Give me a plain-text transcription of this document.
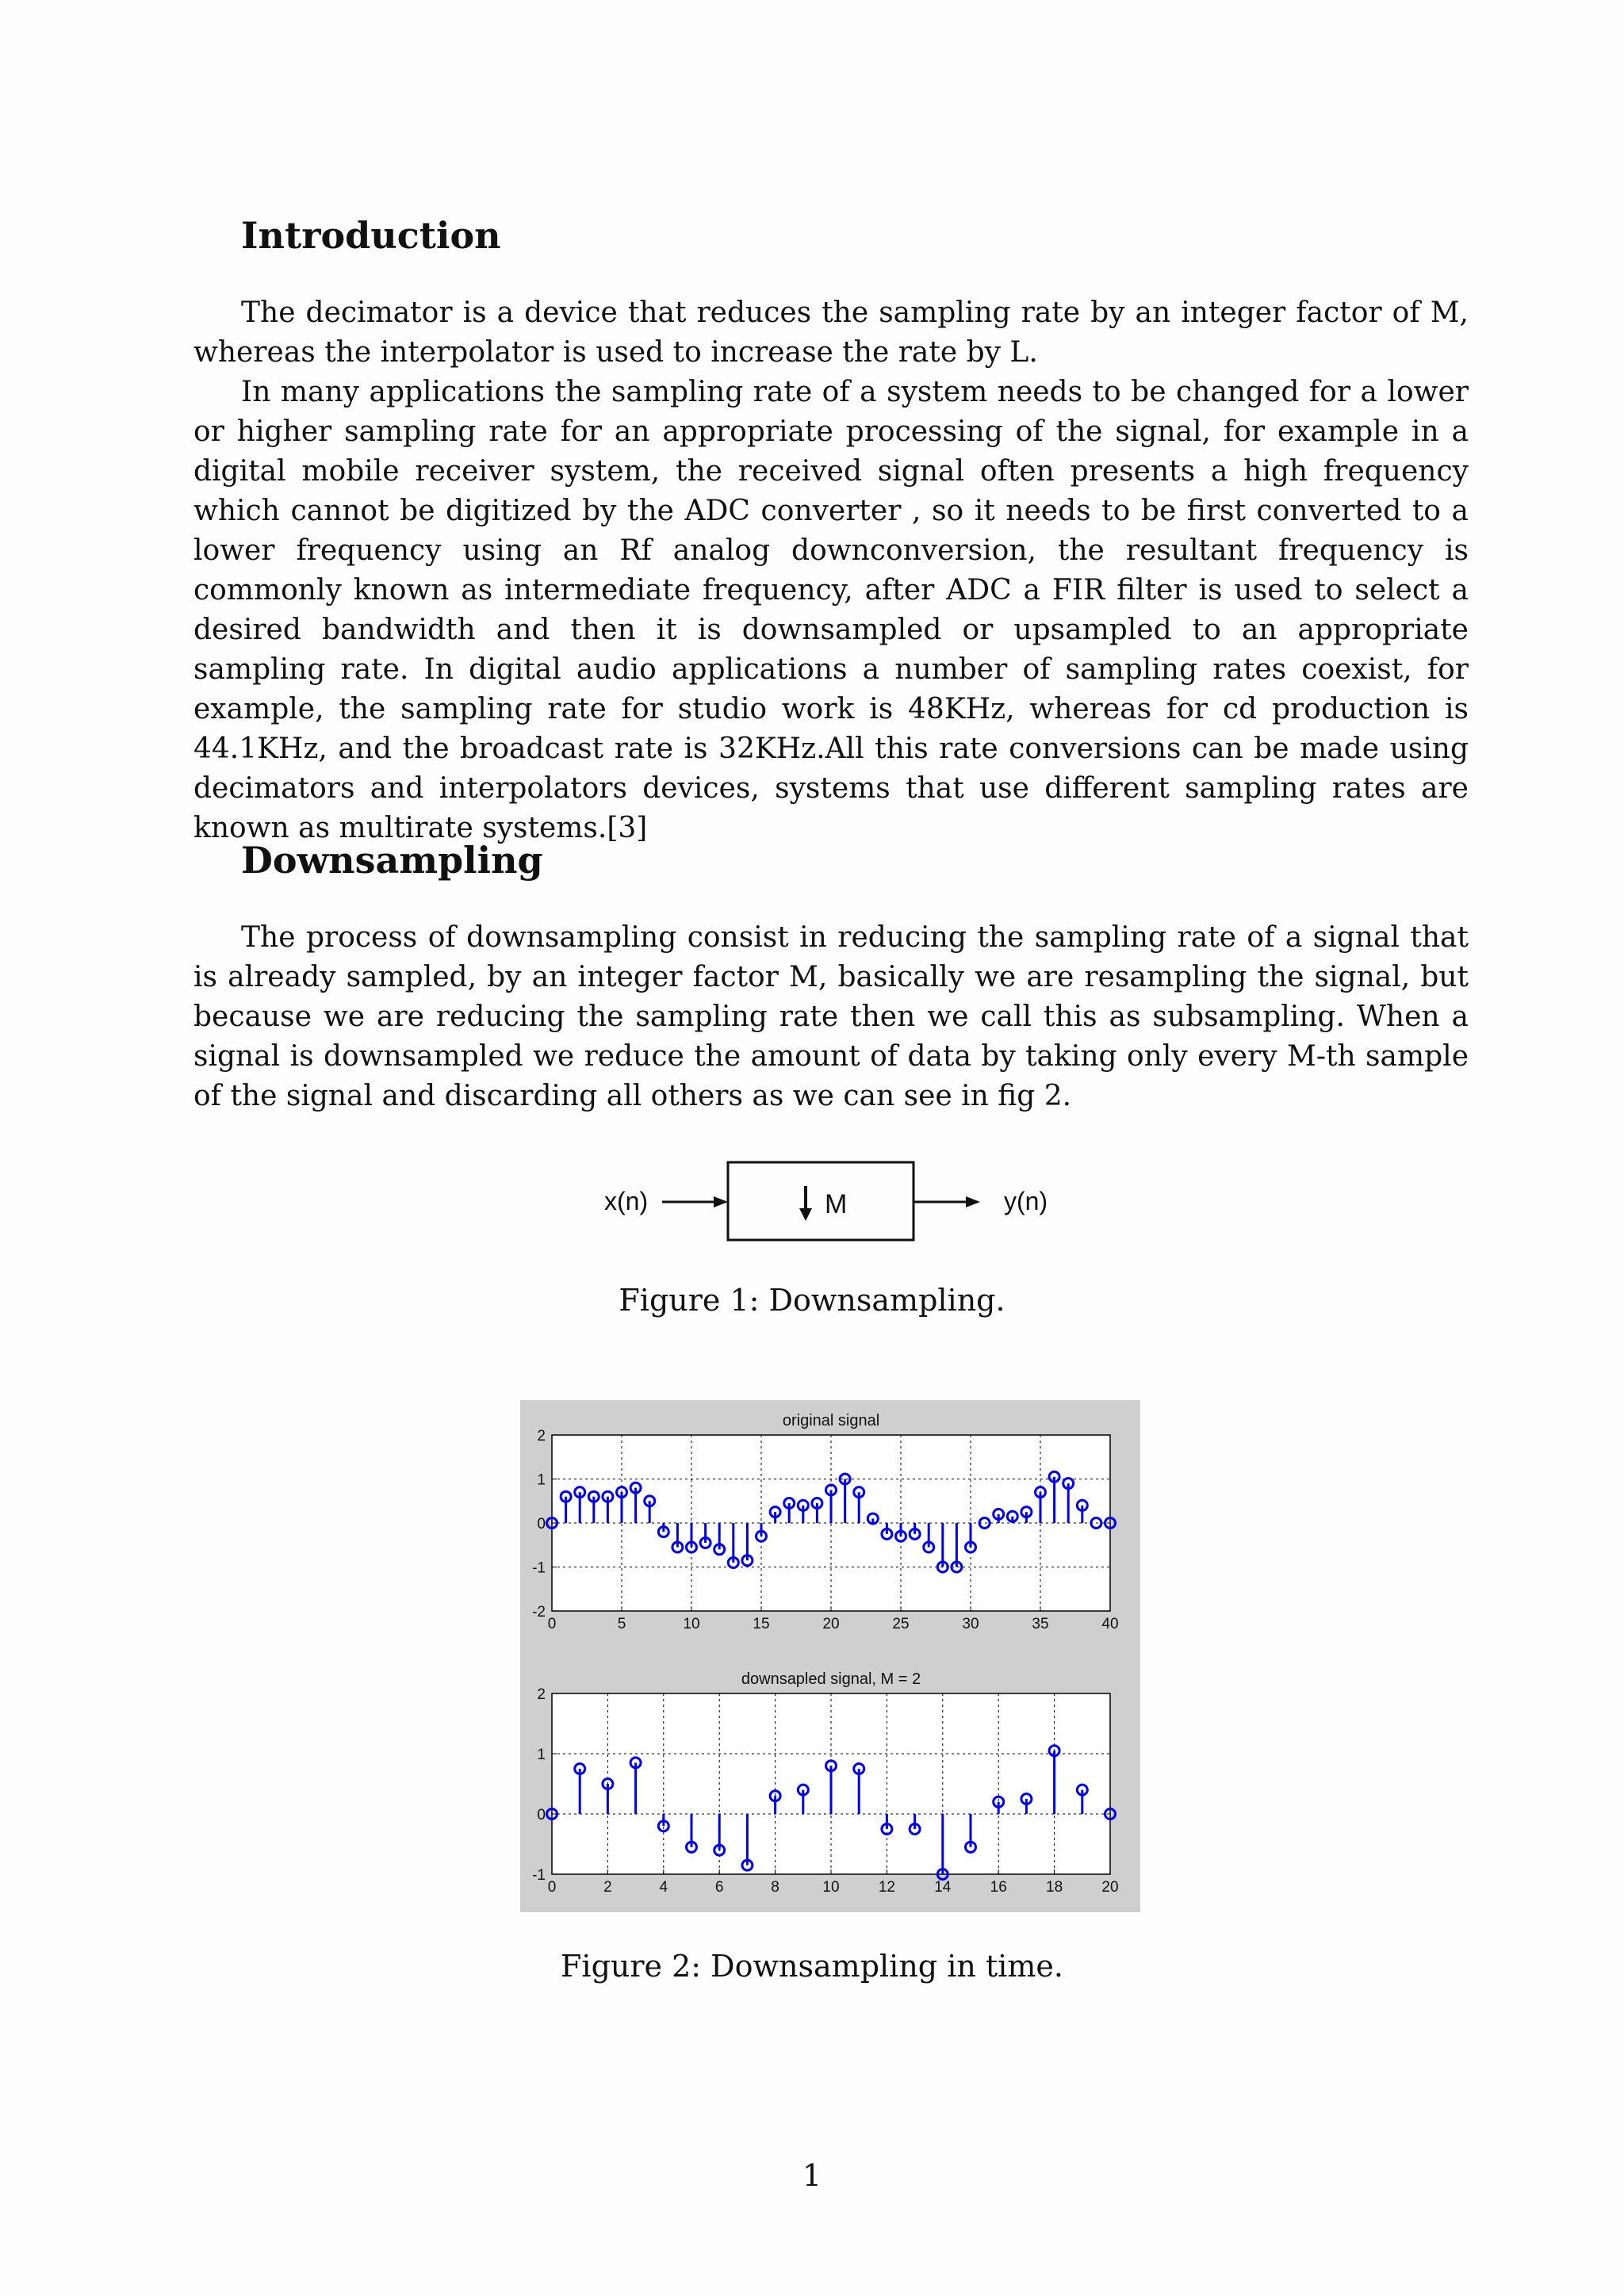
Introduction

The decimator is a device that reduces the sampling rate by an integer factor of M, whereas the interpolator is used to increase the rate by L.

In many applications the sampling rate of a system needs to be changed for a lower or higher sampling rate for an appropriate processing of the signal, for example in a digital mobile receiver system, the received signal often presents a high frequency which cannot be digitized by the ADC converter , so it needs to be first converted to a lower frequency using an Rf analog downconversion, the resultant frequency is commonly known as intermediate frequency, after ADC a FIR filter is used to select a desired bandwidth and then it is downsampled or upsampled to an appropriate sampling rate. In digital audio applications a number of sampling rates coexist, for example, the sampling rate for studio work is 48KHz, whereas for cd production is 44.1KHz, and the broadcast rate is 32KHz.All this rate conversions can be made using decimators and interpolators devices, systems that use different sampling rates are known as multirate systems.[3]

Downsampling

The process of downsampling consist in reducing the sampling rate of a signal that is already sampled, by an integer factor M, basically we are resampling the signal, but because we are reducing the sampling rate then we call this as subsampling. When a signal is downsampled we reduce the amount of data by taking only every M-th sample of the signal and discarding all others as we can see in fig 2.

x(n)	M	y(n)

Figure 1: Downsampling.

original signal
0	5	10	15	20	25	30	35	40
2
1
0
-1
-2
downsapled signal, M = 2
0	2	4	6	8	10	12	14	16	18	20
2
1
0
-1

Figure 2: Downsampling in time.

1
